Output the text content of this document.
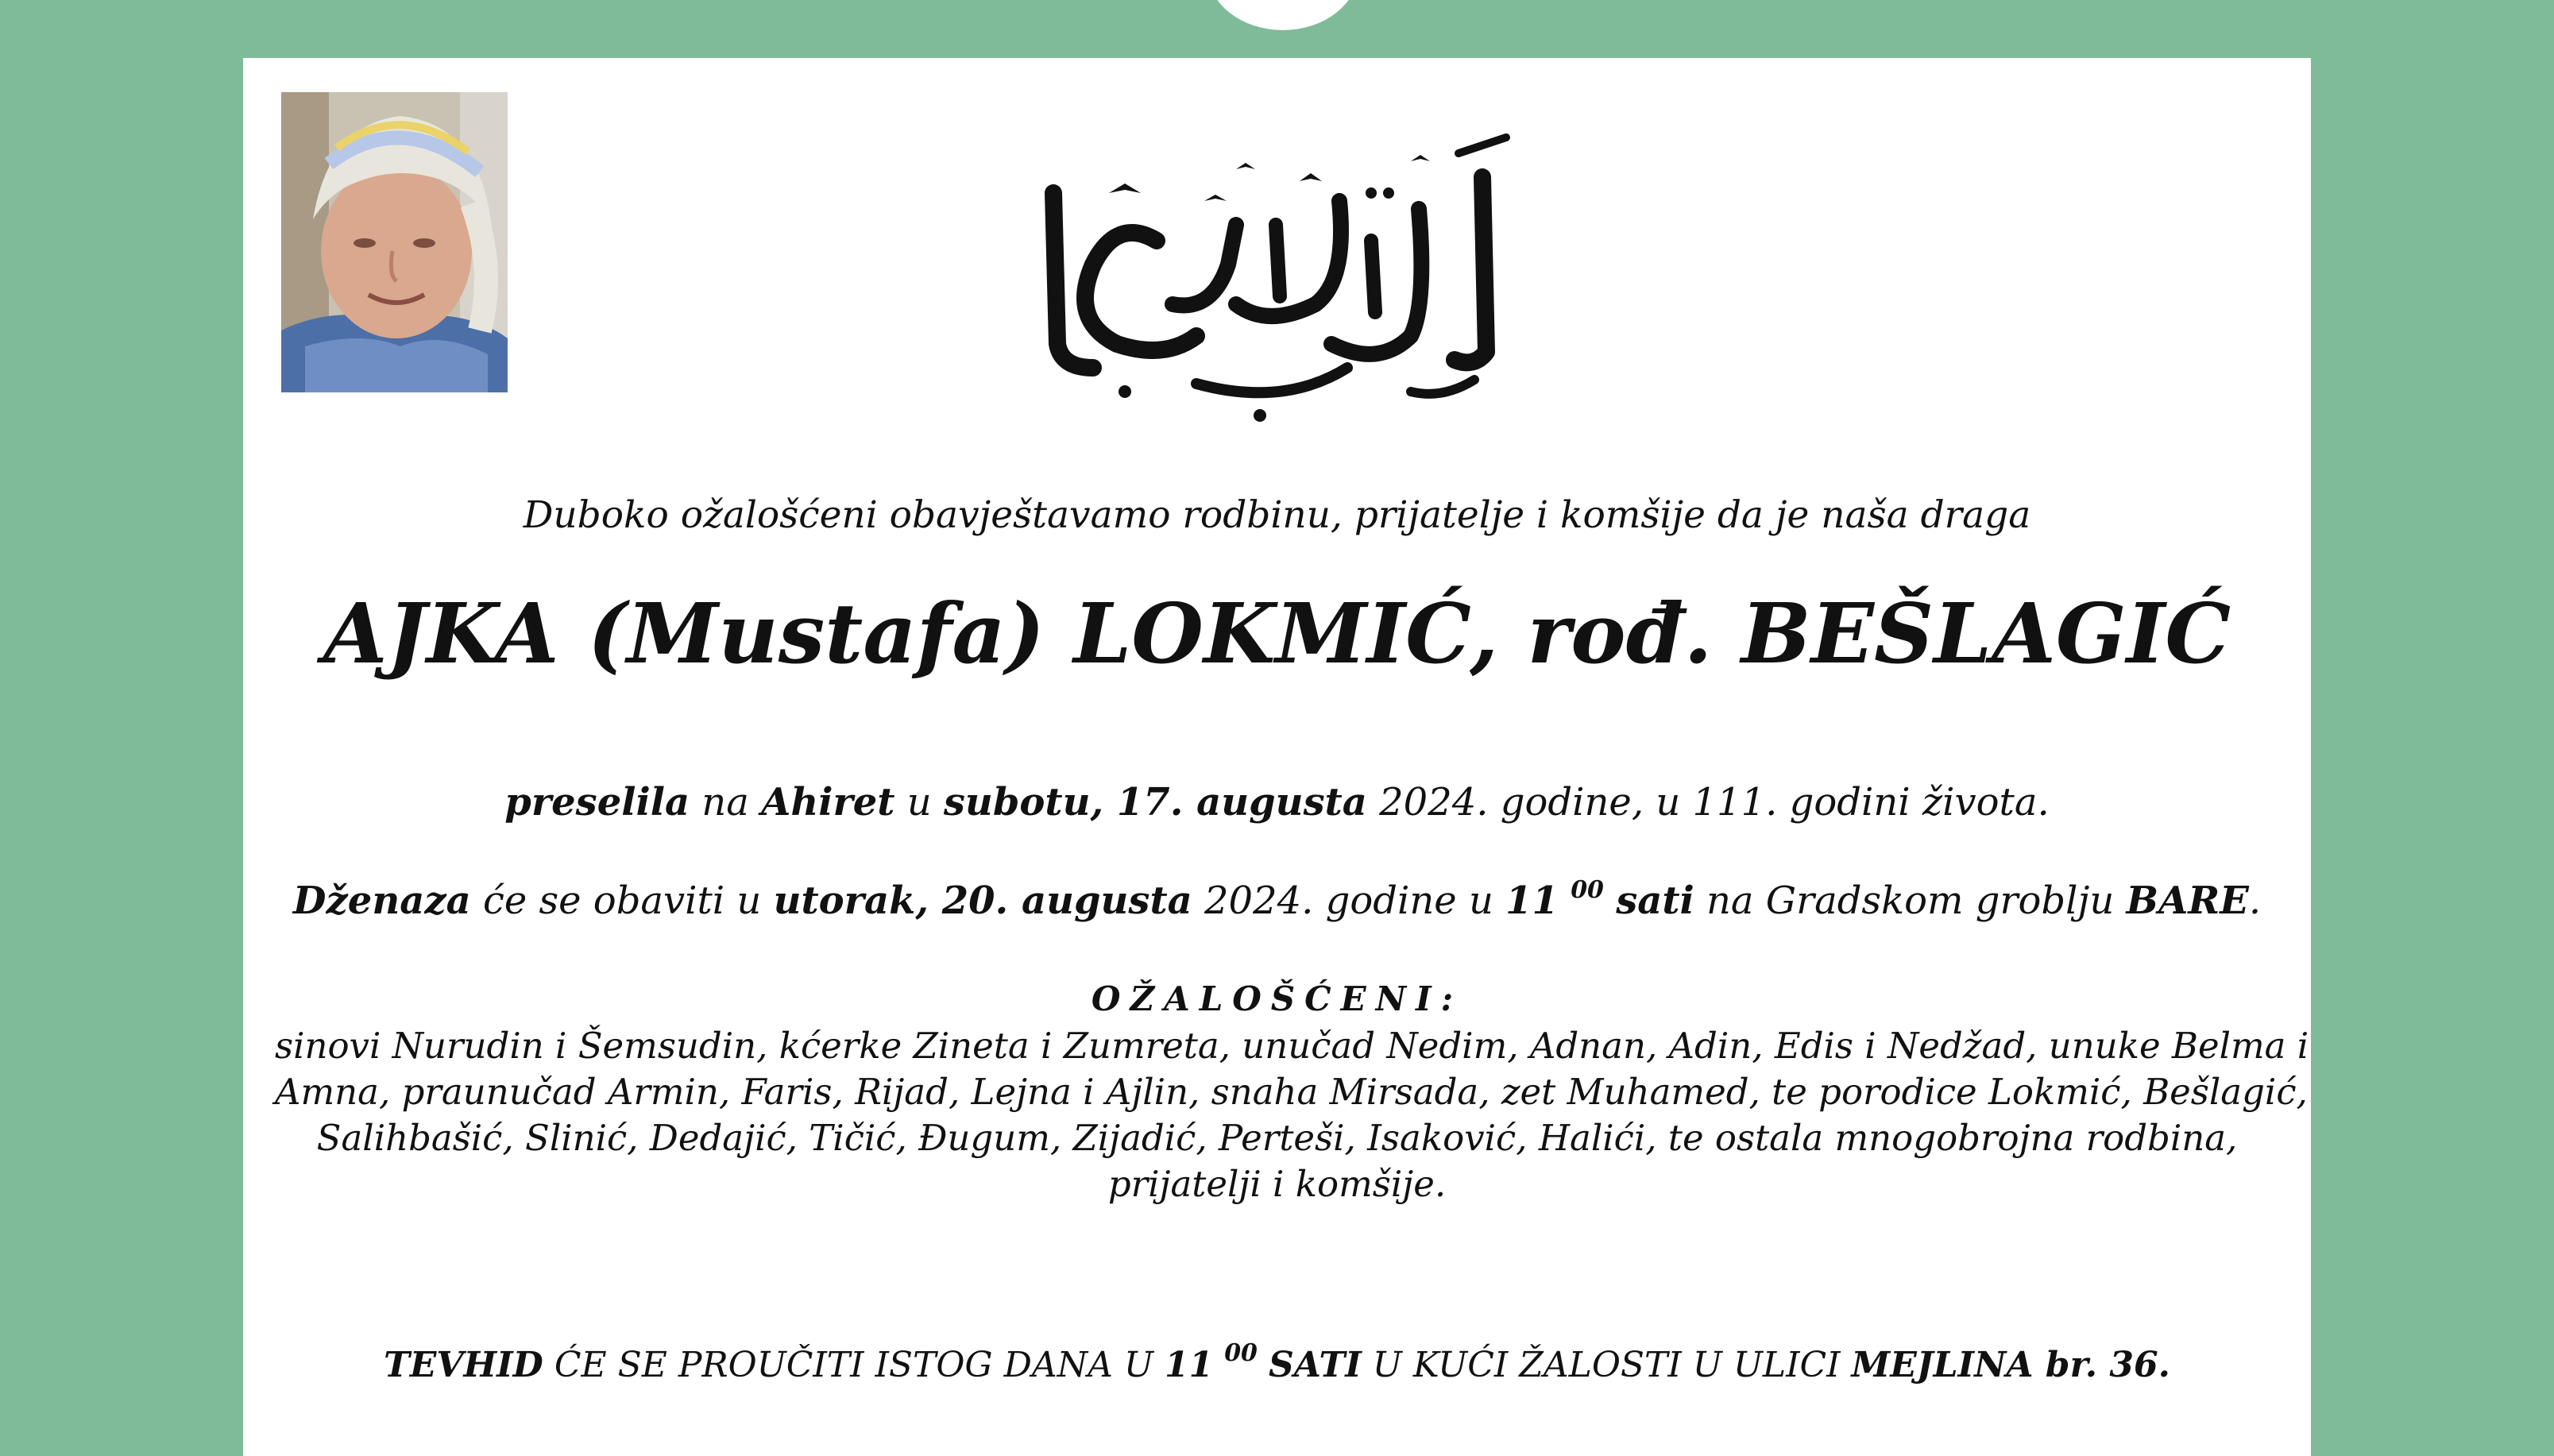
Duboko ožalošćeni obavještavamo rodbinu, prijatelje i komšije da je naša draga
AJKA (Mustafa) LOKMIĆ, rođ. BEŠLAGIĆ
preselila na Ahiret u subotu, 17. augusta 2024. godine, u 111. godini života.
Dženaza će se obaviti u utorak, 20. augusta 2024. godine u 11 $^{00}$ sati na Gradskom groblju BARE.
OŽALOŠĆENI:
sinovi Nurudin i Šemsudin, kćerke Zineta i Zumreta, unučad Nedim, Adnan, Adin, Edis i Nedžad, unuke Belma i
Amna, praunučad Armin, Faris, Rijad, Lejna i Ajlin, snaha Mirsada, zet Muhamed, te porodice Lokmić, Bešlagić,
Salihbašić, Slinić, Dedajić, Tičić, Đugum, Zijadić, Perteši, Isaković, Halići, te ostala mnogobrojna rodbina,
prijatelji i komšije.
TEVHID ĆE SE PROUČITI ISTOG DANA U 11 $^{00}$ SATI U KUĆI ŽALOSTI U ULICI MEJLINA br. 36.
